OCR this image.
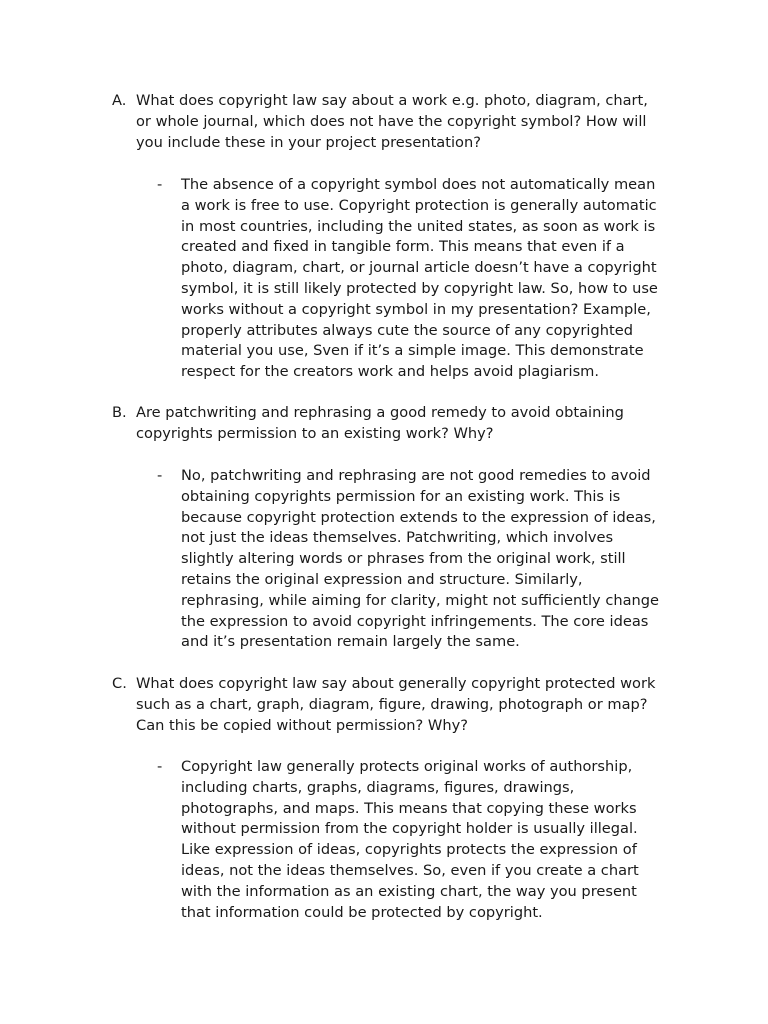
A. What does copyright law say about a work e.g. photo, diagram, chart,
or whole journal, which does not have the copyright symbol? How will
you include these in your project presentation?
-	The absence of a copyright symbol does not automatically mean
a work is free to use. Copyright protection is generally automatic
in most countries, including the united states, as soon as work is
created and fixed in tangible form. This means that even if a
photo, diagram, chart, or journal article doesn’t have a copyright
symbol, it is still likely protected by copyright law. So, how to use
works without a copyright symbol in my presentation? Example,
properly attributes always cute the source of any copyrighted
material you use, Sven if it’s a simple image. This demonstrate
respect for the creators work and helps avoid plagiarism.
B. Are patchwriting and rephrasing a good remedy to avoid obtaining
copyrights permission to an existing work? Why?
-	No, patchwriting and rephrasing are not good remedies to avoid
obtaining copyrights permission for an existing work. This is
because copyright protection extends to the expression of ideas,
not just the ideas themselves. Patchwriting, which involves
slightly altering words or phrases from the original work, still
retains the original expression and structure. Similarly,
rephrasing, while aiming for clarity, might not sufficiently change
the expression to avoid copyright infringements. The core ideas
and it’s presentation remain largely the same.
C. What does copyright law say about generally copyright protected work
such as a chart, graph, diagram, figure, drawing, photograph or map?
Can this be copied without permission? Why?
-	Copyright law generally protects original works of authorship,
including charts, graphs, diagrams, figures, drawings,
photographs, and maps. This means that copying these works
without permission from the copyright holder is usually illegal.
Like expression of ideas, copyrights protects the expression of
ideas, not the ideas themselves. So, even if you create a chart
with the information as an existing chart, the way you present
that information could be protected by copyright.
